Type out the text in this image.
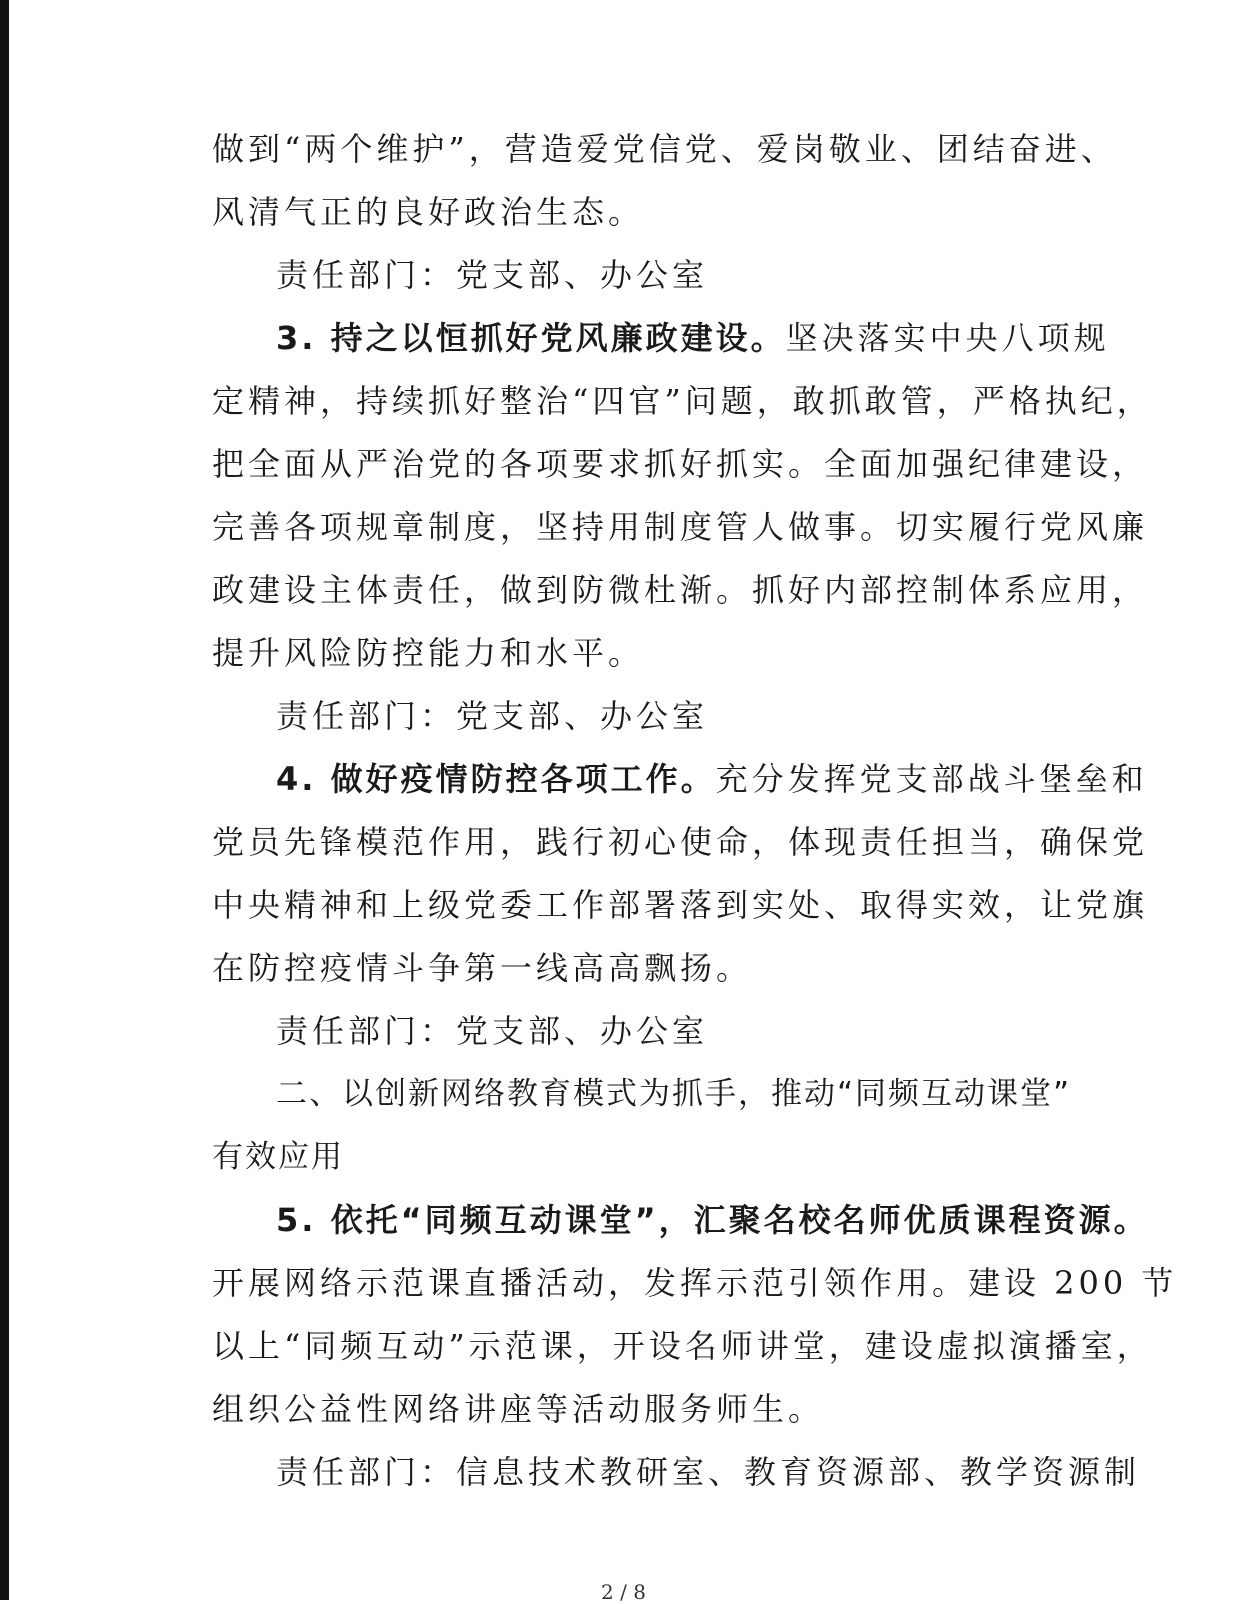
做到“两个维护”，营造爱党信党、爱岗敬业、团结奋进、
风清气正的良好政治生态。
责任部门：党支部、办公室
3. 持之以恒抓好党风廉政建设。坚决落实中央八项规
定精神，持续抓好整治“四官”问题，敢抓敢管，严格执纪，
把全面从严治党的各项要求抓好抓实。全面加强纪律建设，
完善各项规章制度，坚持用制度管人做事。切实履行党风廉
政建设主体责任，做到防微杜渐。抓好内部控制体系应用，
提升风险防控能力和水平。
责任部门：党支部、办公室
4. 做好疫情防控各项工作。充分发挥党支部战斗堡垒和
党员先锋模范作用，践行初心使命，体现责任担当，确保党
中央精神和上级党委工作部署落到实处、取得实效，让党旗
在防控疫情斗争第一线高高飘扬。
责任部门：党支部、办公室
二、以创新网络教育模式为抓手，推动“同频互动课堂”
有效应用
5. 依托“同频互动课堂”，汇聚名校名师优质课程资源。
开展网络示范课直播活动，发挥示范引领作用。建设 200 节
以上“同频互动”示范课，开设名师讲堂，建设虚拟演播室，
组织公益性网络讲座等活动服务师生。
责任部门：信息技术教研室、教育资源部、教学资源制
2 / 8
